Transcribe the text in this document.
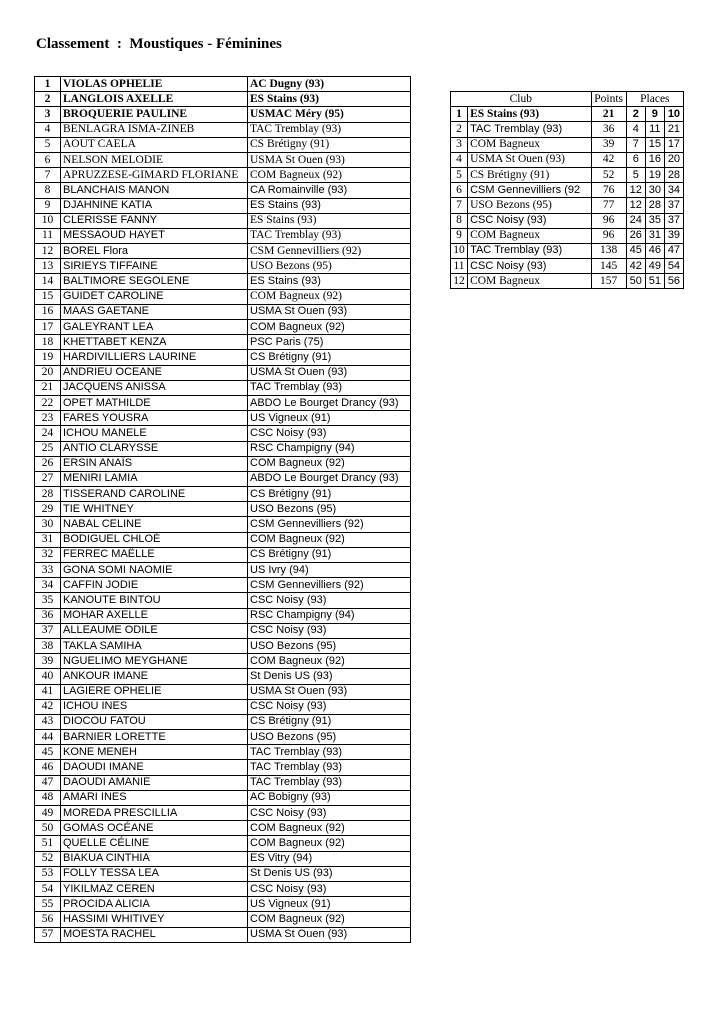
Classement  :  Moustiques - Féminines
1	VIOLAS OPHELIE	AC Dugny (93)
2	LANGLOIS AXELLE	ES Stains (93)
3	BROQUERIE PAULINE	USMAC Méry (95)
4	BENLAGRA ISMA-ZINEB	TAC Tremblay (93)
5	AOUT CAELA	CS Brétigny (91)
6	NELSON MELODIE	USMA St Ouen (93)
7	APRUZZESE-GIMARD FLORIANE	COM Bagneux (92)
8	BLANCHAIS MANON	CA Romainville (93)
9	DJAHNINE KATIA	ES Stains (93)
10	CLERISSE FANNY	ES Stains (93)
11	MESSAOUD HAYET	TAC Tremblay (93)
12	BOREL Flora	CSM Gennevilliers (92)
13	SIRIEYS TIFFAINE	USO Bezons (95)
14	BALTIMORE SEGOLENE	ES Stains (93)
15	GUIDET CAROLINE	COM Bagneux (92)
16	MAAS GAETANE	USMA St Ouen (93)
17	GALEYRANT LEA	COM Bagneux (92)
18	KHETTABET KENZA	PSC Paris (75)
19	HARDIVILLIERS LAURINE	CS Brétigny (91)
20	ANDRIEU OCEANE	USMA St Ouen (93)
21	JACQUENS ANISSA	TAC Tremblay (93)
22	OPET MATHILDE	ABDO Le Bourget Drancy (93)
23	FARES YOUSRA	US Vigneux (91)
24	ICHOU MANELE	CSC Noisy (93)
25	ANTIO CLARYSSE	RSC Champigny (94)
26	ERSIN ANAÏS	COM Bagneux (92)
27	MENIRI LAMIA	ABDO Le Bourget Drancy (93)
28	TISSERAND CAROLINE	CS Brétigny (91)
29	TIE WHITNEY	USO Bezons (95)
30	NABAL CELINE	CSM Gennevilliers (92)
31	BODIGUEL CHLOÉ	COM Bagneux (92)
32	FERREC MAËLLE	CS Brétigny (91)
33	GONA SOMI NAOMIE	US Ivry (94)
34	CAFFIN JODIE	CSM Gennevilliers (92)
35	KANOUTE BINTOU	CSC Noisy (93)
36	MOHAR AXELLE	RSC Champigny (94)
37	ALLEAUME ODILE	CSC Noisy (93)
38	TAKLA SAMIHA	USO Bezons (95)
39	NGUELIMO MEYGHANE	COM Bagneux (92)
40	ANKOUR IMANE	St Denis US (93)
41	LAGIERE OPHELIE	USMA St Ouen (93)
42	ICHOU INES	CSC Noisy (93)
43	DIOCOU FATOU	CS Brétigny (91)
44	BARNIER LORETTE	USO Bezons (95)
45	KONE MENEH	TAC Tremblay (93)
46	DAOUDI IMANE	TAC Tremblay (93)
47	DAOUDI AMANIE	TAC Tremblay (93)
48	AMARI INES	AC Bobigny (93)
49	MOREDA PRESCILLIA	CSC Noisy (93)
50	GOMAS OCÉANE	COM Bagneux (92)
51	QUELLE CÉLINE	COM Bagneux (92)
52	BIAKUA CINTHIA	ES Vitry (94)
53	FOLLY TESSA LEA	St Denis US (93)
54	YIKILMAZ CEREN	CSC Noisy (93)
55	PROCIDA ALICIA	US Vigneux (91)
56	HASSIMI WHITIVEY	COM Bagneux (92)
57	MOESTA RACHEL	USMA St Ouen (93)
Club		Points	Places		
1	ES Stains (93)	21	2	9	10
2	TAC Tremblay (93)	36	4	11	21
3	COM Bagneux	39	7	15	17
4	USMA St Ouen (93)	42	6	16	20
5	CS Brétigny (91)	52	5	19	28
6	CSM Gennevilliers (92	76	12	30	34
7	USO Bezons (95)	77	12	28	37
8	CSC Noisy (93)	96	24	35	37
9	COM Bagneux	96	26	31	39
10	TAC Tremblay (93)	138	45	46	47
11	CSC Noisy (93)	145	42	49	54
12	COM Bagneux	157	50	51	56
